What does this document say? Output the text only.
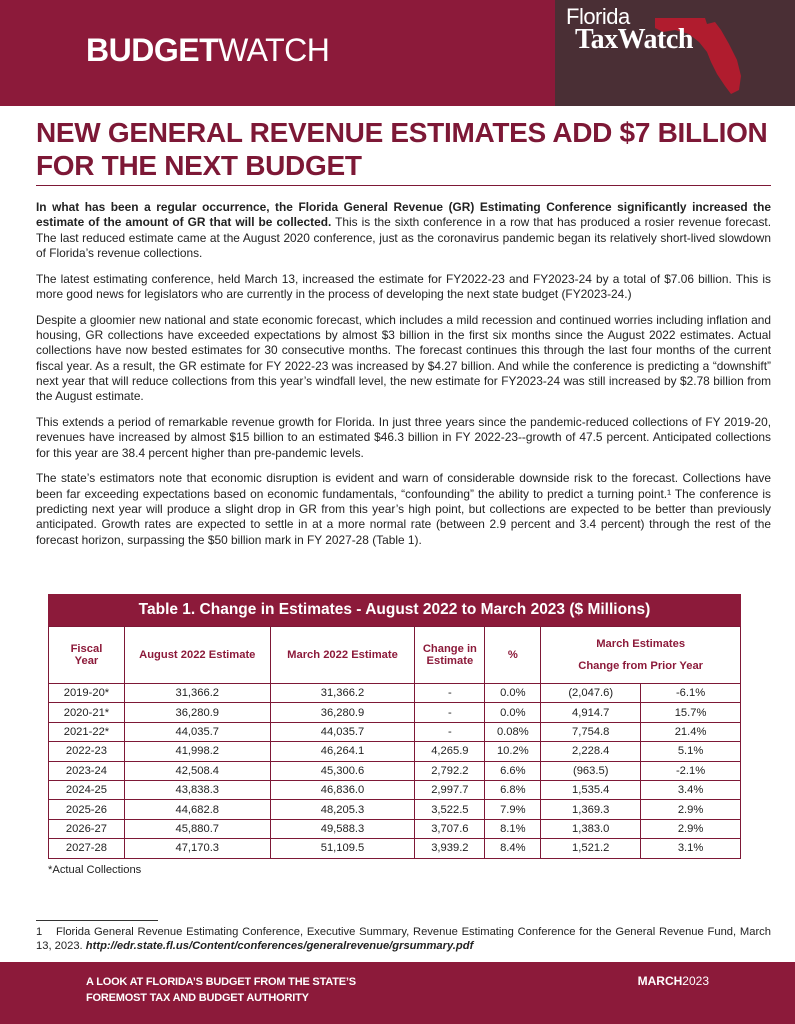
BUDGETWATCH
Florida
TaxWatch
NEW GENERAL REVENUE ESTIMATES ADD $7 BILLION FOR THE NEXT BUDGET

In what has been a regular occurrence, the Florida General Revenue (GR) Estimating Conference significantly increased the estimate of the amount of GR that will be collected. This is the sixth conference in a row that has produced a rosier revenue forecast. The last reduced estimate came at the August 2020 conference, just as the coronavirus pandemic began its relatively short-lived slowdown of Florida’s revenue collections.

The latest estimating conference, held March 13, increased the estimate for FY2022-23 and FY2023-24 by a total of $7.06 billion. This is more good news for legislators who are currently in the process of developing the next state budget (FY2023-24.)

Despite a gloomier new national and state economic forecast, which includes a mild recession and continued worries including inflation and housing, GR collections have exceeded expectations by almost $3 billion in the first six months since the August 2022 estimates. Actual collections have now bested estimates for 30 consecutive months. The forecast continues this through the last four months of the current fiscal year. As a result, the GR estimate for FY 2022-23 was increased by $4.27 billion. And while the conference is predicting a “downshift” next year that will reduce collections from this year’s windfall level, the new estimate for FY2023-24 was still increased by $2.78 billion from the August estimate.

This extends a period of remarkable revenue growth for Florida. In just three years since the pandemic-reduced collections of FY 2019-20, revenues have increased by almost $15 billion to an estimated $46.3 billion in FY 2022-23--growth of 47.5 percent. Anticipated collections for this year are 38.4 percent higher than pre-pandemic levels.

The state’s estimators note that economic disruption is evident and warn of considerable downside risk to the forecast. Collections have been far exceeding expectations based on economic fundamentals, “confounding” the ability to predict a turning point.¹ The conference is predicting next year will produce a slight drop in GR from this year’s high point, but collections are expected to be better than previously anticipated. Growth rates are expected to settle in at a more normal rate (between 2.9 percent and 3.4 percent) through the rest of the forecast horizon, surpassing the $50 billion mark in FY 2027-28 (Table 1).

Table 1. Change in Estimates - August 2022 to March 2023 ($ Millions)
Fiscal Year	August 2022 Estimate	March 2022 Estimate	Change in Estimate	%	March Estimates
Change from Prior Year	

2019-20*	31,366.2	31,366.2	-	0.0%	(2,047.6)	-6.1%
2020-21*	36,280.9	36,280.9	-	0.0%	4,914.7	15.7%
2021-22*	44,035.7	44,035.7	-	0.08%	7,754.8	21.4%
2022-23	41,998.2	46,264.1	4,265.9	10.2%	2,228.4	5.1%
2023-24	42,508.4	45,300.6	2,792.2	6.6%	(963.5)	-2.1%
2024-25	43,838.3	46,836.0	2,997.7	6.8%	1,535.4	3.4%
2025-26	44,682.8	48,205.3	3,522.5	7.9%	1,369.3	2.9%
2026-27	45,880.7	49,588.3	3,707.6	8.1%	1,383.0	2.9%
2027-28	47,170.3	51,109.5	3,939.2	8.4%	1,521.2	3.1%
*Actual Collections
1 Florida General Revenue Estimating Conference, Executive Summary, Revenue Estimating Conference for the General Revenue Fund, March 13, 2023. http://edr.state.fl.us/Content/conferences/generalrevenue/grsummary.pdf
A LOOK AT FLORIDA’S BUDGET FROM THE STATE’S
FOREMOST TAX AND BUDGET AUTHORITY
MARCH2023
